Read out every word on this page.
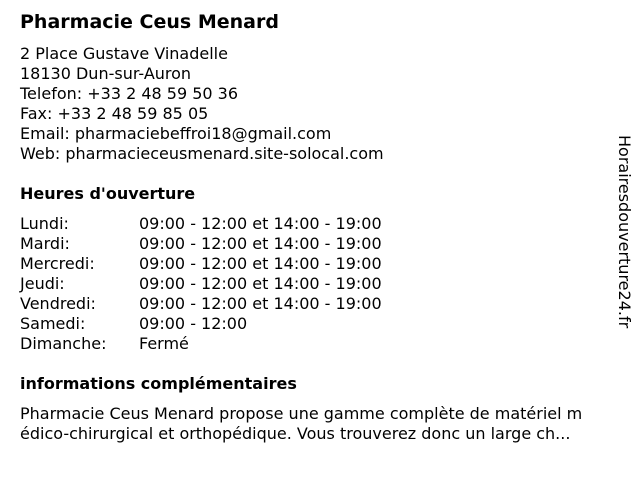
Pharmacie Ceus Menard
2 Place Gustave Vinadelle
18130 Dun-sur-Auron
Telefon: +33 2 48 59 50 36
Fax: +33 2 48 59 85 05
Email: pharmaciebeffroi18@gmail.com
Web: pharmacieceusmenard.site-solocal.com
Heures d'ouverture
Lundi:	09:00 - 12:00 et 14:00 - 19:00
Mardi:	09:00 - 12:00 et 14:00 - 19:00
Mercredi:	09:00 - 12:00 et 14:00 - 19:00
Jeudi:	09:00 - 12:00 et 14:00 - 19:00
Vendredi:	09:00 - 12:00 et 14:00 - 19:00
Samedi:	09:00 - 12:00
Dimanche: Fermé
informations complémentaires
Pharmacie Ceus Menard propose une gamme complète de matériel m
édico-chirurgical et orthopédique. Vous trouverez donc un large ch...
Horairesdouverture24.fr
